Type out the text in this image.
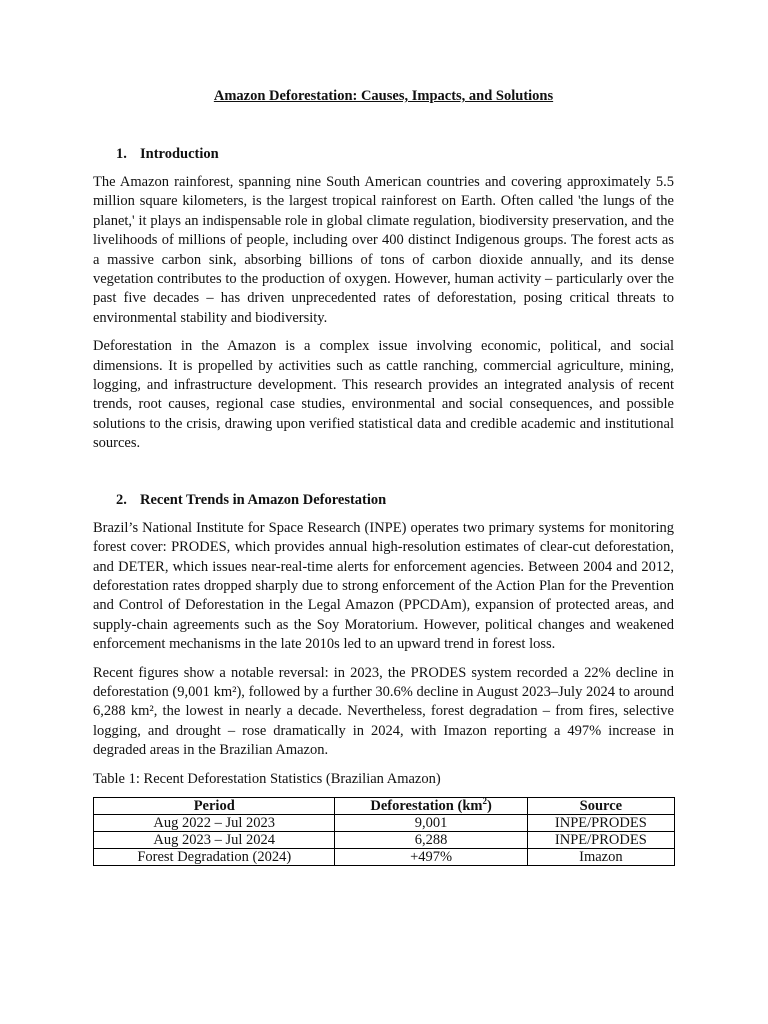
Amazon Deforestation: Causes, Impacts, and Solutions
1. Introduction

The Amazon rainforest, spanning nine South American countries and covering approximately 5.5 million square kilometers, is the largest tropical rainforest on Earth. Often called 'the lungs of the planet,' it plays an indispensable role in global climate regulation, biodiversity preservation, and the livelihoods of millions of people, including over 400 distinct Indigenous groups. The forest acts as a massive carbon sink, absorbing billions of tons of carbon dioxide annually, and its dense vegetation contributes to the production of oxygen. However, human activity – particularly over the past five decades – has driven unprecedented rates of deforestation, posing critical threats to environmental stability and biodiversity.

Deforestation in the Amazon is a complex issue involving economic, political, and social dimensions. It is propelled by activities such as cattle ranching, commercial agriculture, mining, logging, and infrastructure development. This research provides an integrated analysis of recent trends, root causes, regional case studies, environmental and social consequences, and possible solutions to the crisis, drawing upon verified statistical data and credible academic and institutional sources.

2. Recent Trends in Amazon Deforestation

Brazil’s National Institute for Space Research (INPE) operates two primary systems for monitoring forest cover: PRODES, which provides annual high-resolution estimates of clear-cut deforestation, and DETER, which issues near-real-time alerts for enforcement agencies. Between 2004 and 2012, deforestation rates dropped sharply due to strong enforcement of the Action Plan for the Prevention and Control of Deforestation in the Legal Amazon (PPCDAm), expansion of protected areas, and supply-chain agreements such as the Soy Moratorium. However, political changes and weakened enforcement mechanisms in the late 2010s led to an upward trend in forest loss.

Recent figures show a notable reversal: in 2023, the PRODES system recorded a 22% decline in deforestation (9,001 km²), followed by a further 30.6% decline in August 2023–July 2024 to around 6,288 km², the lowest in nearly a decade. Nevertheless, forest degradation – from fires, selective logging, and drought – rose dramatically in 2024, with Imazon reporting a 497% increase in degraded areas in the Brazilian Amazon.

Table 1: Recent Deforestation Statistics (Brazilian Amazon)

Period	Deforestation $(km^2)$	Source
Aug 2022 – Jul 2023	9,001	INPE/PRODES
Aug 2023 – Jul 2024	6,288	INPE/PRODES
Forest Degradation (2024)	+497%	Imazon
